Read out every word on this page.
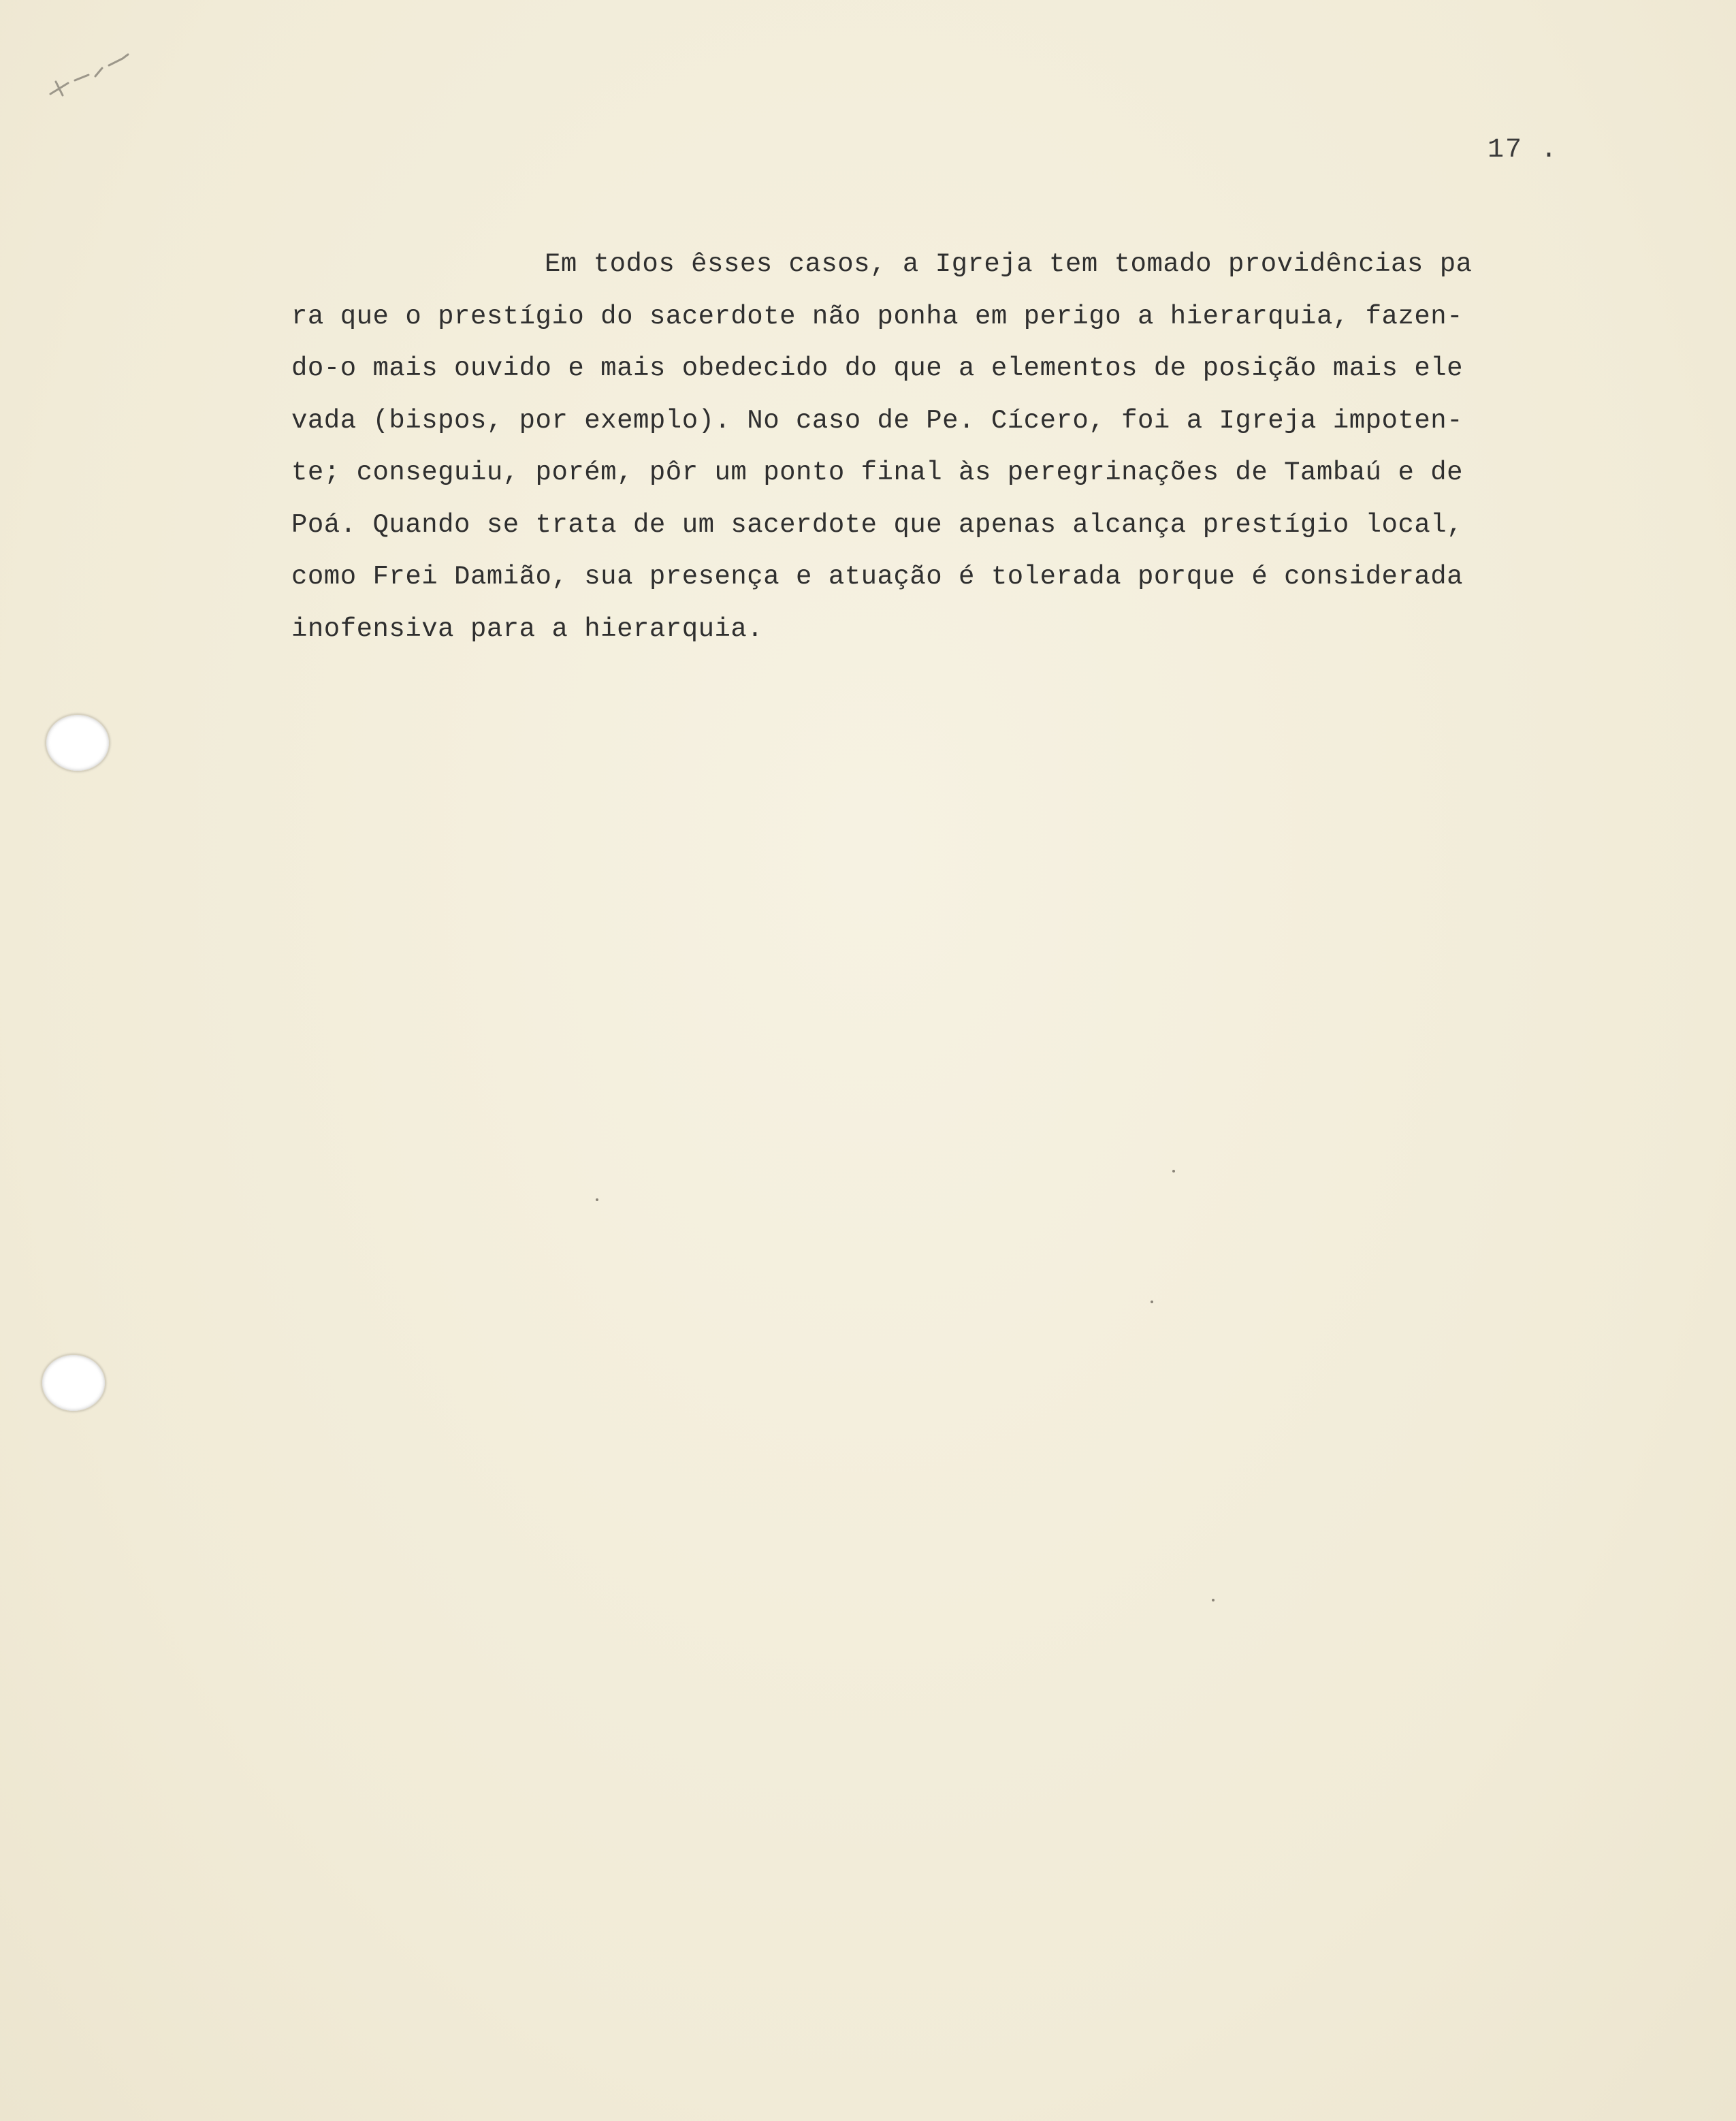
17 .
Em todos êsses casos, a Igreja tem tomado providências pa
ra que o prestígio do sacerdote não ponha em perigo a hierarquia, fazen-
do-o mais ouvido e mais obedecido do que a elementos de posição mais ele
vada (bispos, por exemplo). No caso de Pe. Cícero, foi a Igreja impoten-
te; conseguiu, porém, pôr um ponto final às peregrinações de Tambaú e de
Poá. Quando se trata de um sacerdote que apenas alcança prestígio local,
como Frei Damião, sua presença e atuação é tolerada porque é considerada
inofensiva para a hierarquia.
